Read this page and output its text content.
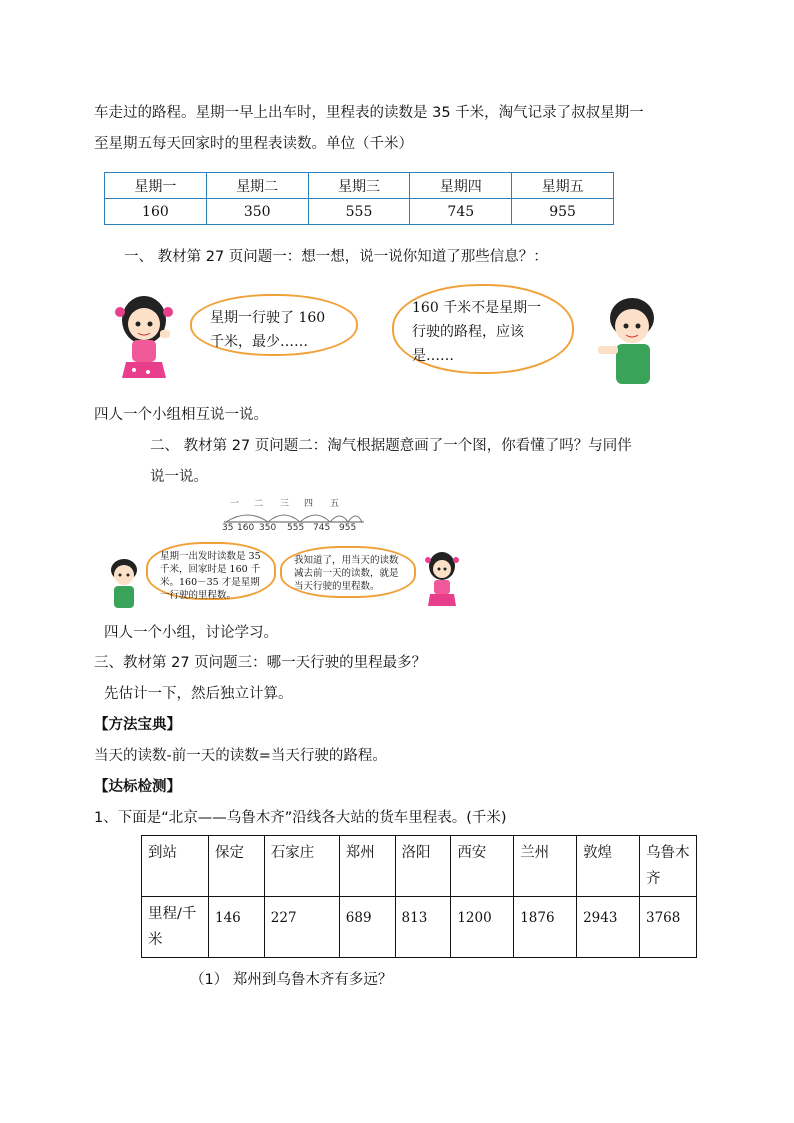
车走过的路程。星期一早上出车时，里程表的读数是 35 千米，淘气记录了叔叔星期一
至星期五每天回家时的里程表读数。单位（千米）
星期一	星期二	星期三	星期四	星期五
160	350	555	745	955
一、 教材第 27 页问题一：想一想，说一说你知道了那些信息？：
星期一行驶了 160 千米，最少……
160 千米不是星期一行驶的路程，应该是……
四人一个小组相互说一说。
二、 教材第 27 页问题二：淘气根据题意画了一个图，你看懂了吗？与同伴
说一说。
一 二 三 四 五
35 160 350 555 745 955
星期一出发时读数是 35 千米，回家时是 160 千米。160－35 才是星期一行驶的里程数。
我知道了，用当天的读数减去前一天的读数，就是当天行驶的里程数。
四人一个小组，讨论学习。
三、教材第 27 页问题三：哪一天行驶的里程最多？
先估计一下，然后独立计算。
【方法宝典】
当天的读数-前一天的读数=当天行驶的路程。
【达标检测】
1、下面是“北京——乌鲁木齐”沿线各大站的货车里程表。(千米)
到站	保定	石家庄	郑州	洛阳	西安	兰州	敦煌	乌鲁木齐
里程/千米	146	227	689	813	1200	1876	2943	3768
（1） 郑州到乌鲁木齐有多远？
